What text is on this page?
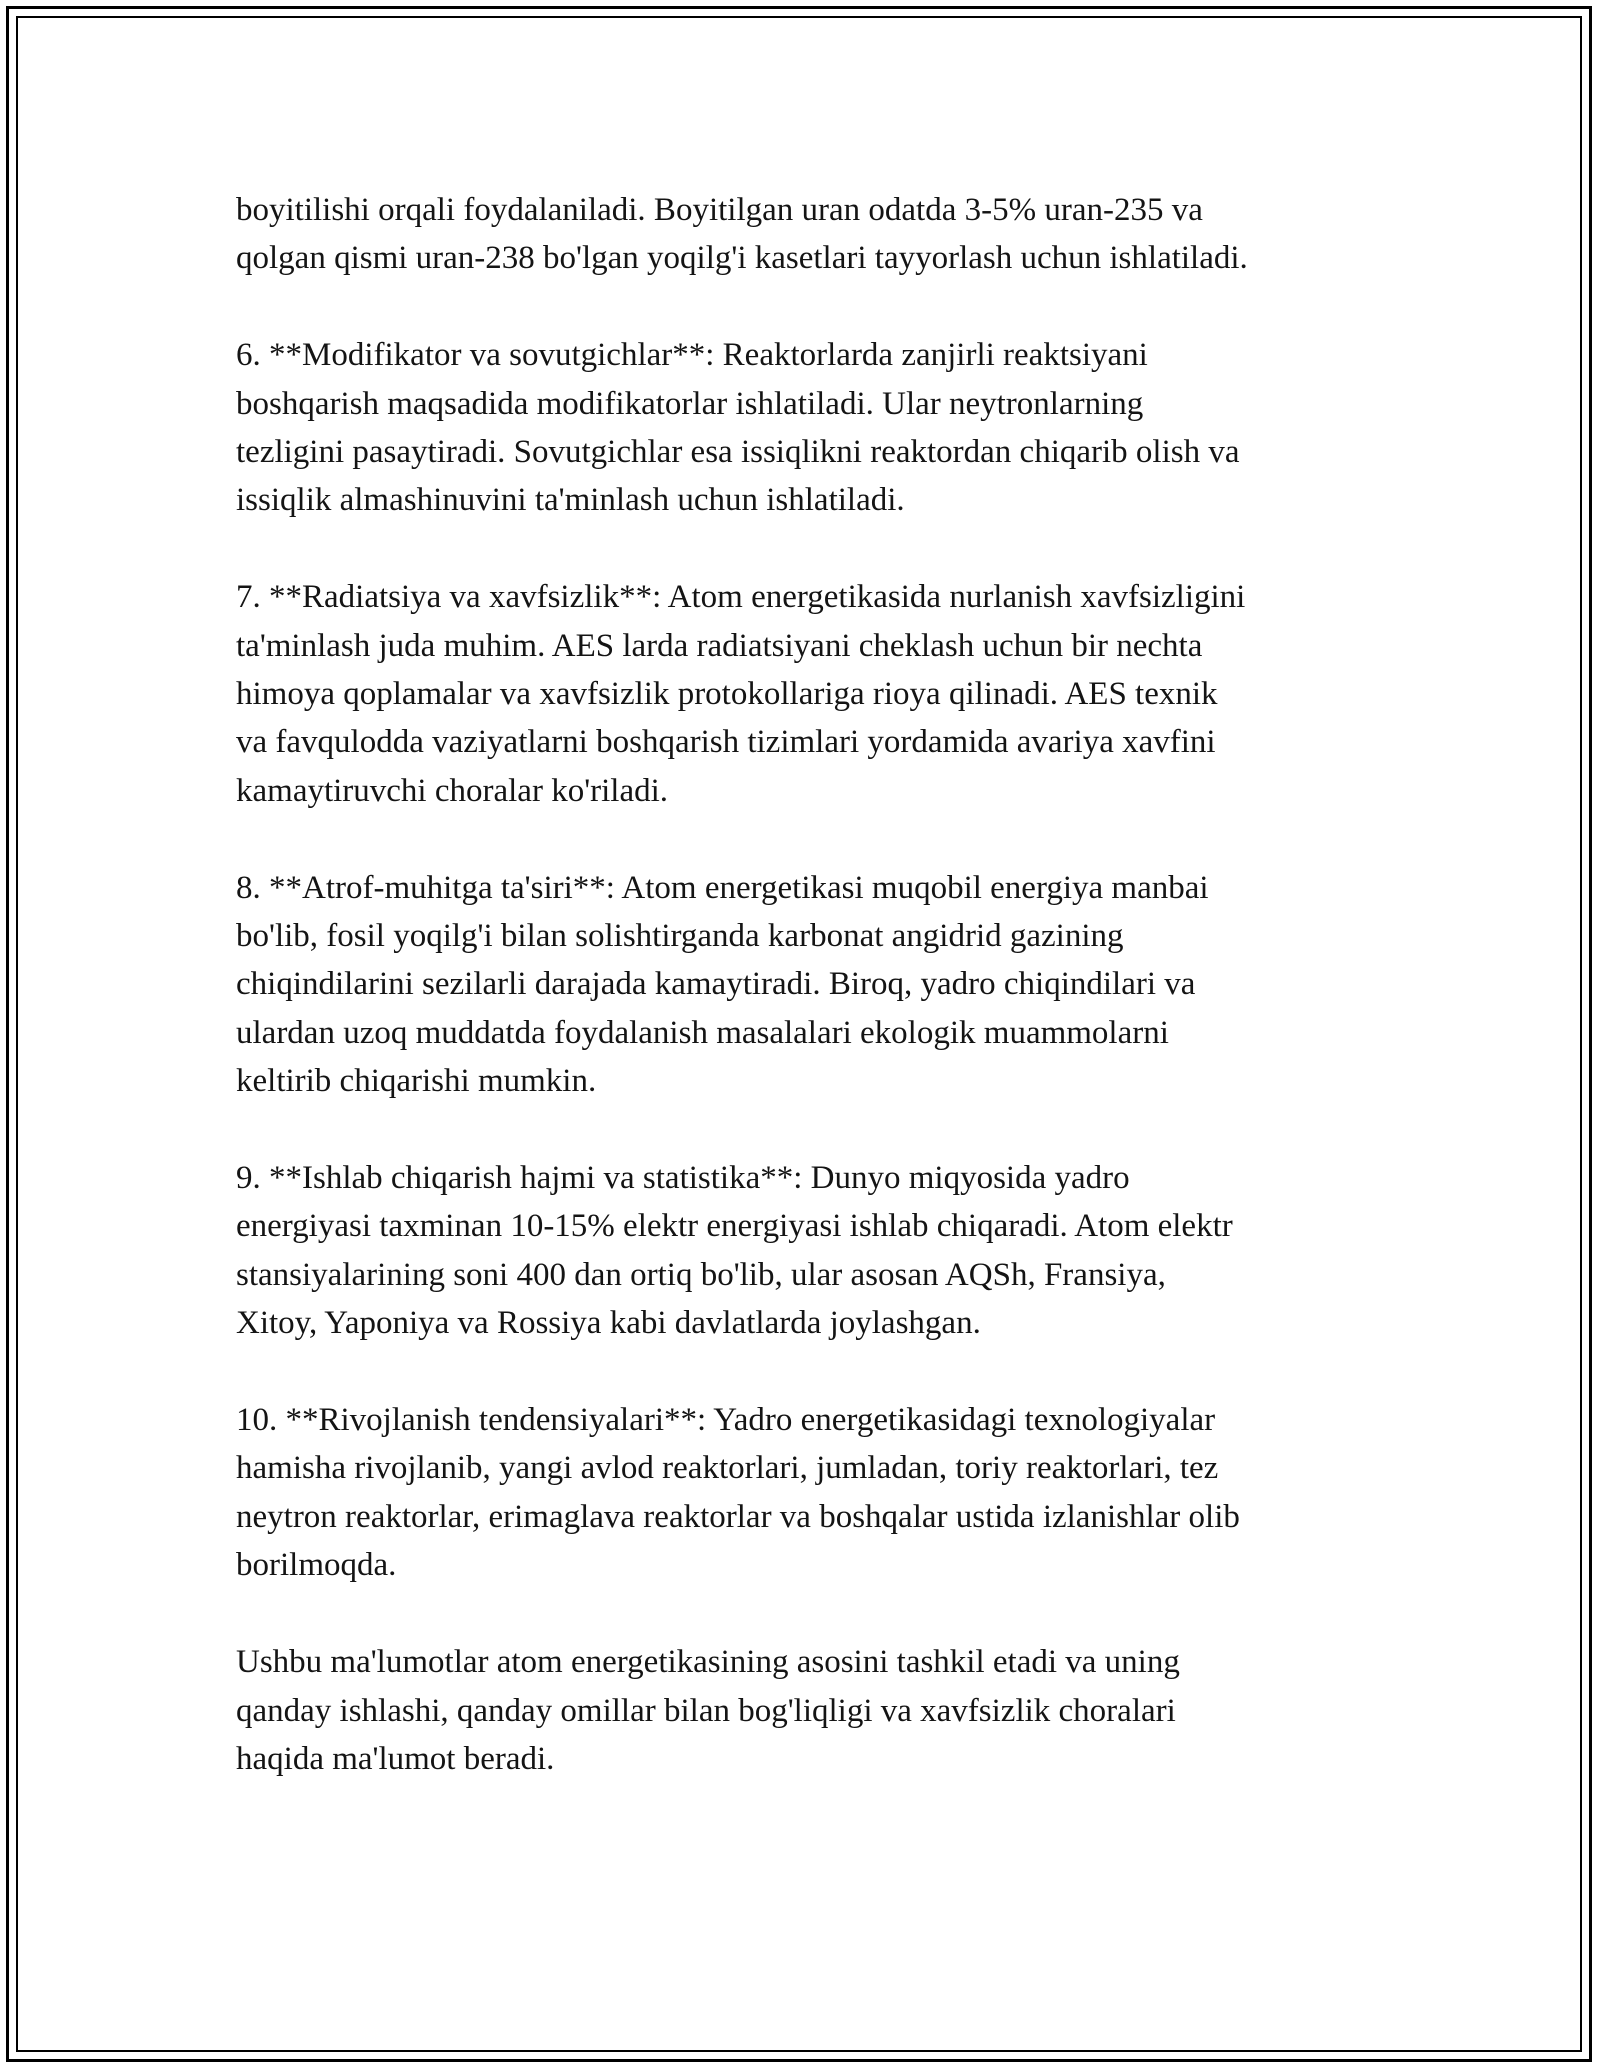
boyitilishi orqali foydalaniladi. Boyitilgan uran odatda 3-5% uran-235 va
qolgan qismi uran-238 bo'lgan yoqilg'i kasetlari tayyorlash uchun ishlatiladi.

6. **Modifikator va sovutgichlar**: Reaktorlarda zanjirli reaktsiyani
boshqarish maqsadida modifikatorlar ishlatiladi. Ular neytronlarning
tezligini pasaytiradi. Sovutgichlar esa issiqlikni reaktordan chiqarib olish va
issiqlik almashinuvini ta'minlash uchun ishlatiladi.

7. **Radiatsiya va xavfsizlik**: Atom energetikasida nurlanish xavfsizligini
ta'minlash juda muhim. AES larda radiatsiyani cheklash uchun bir nechta
himoya qoplamalar va xavfsizlik protokollariga rioya qilinadi. AES texnik
va favqulodda vaziyatlarni boshqarish tizimlari yordamida avariya xavfini
kamaytiruvchi choralar ko'riladi.

8. **Atrof-muhitga ta'siri**: Atom energetikasi muqobil energiya manbai
bo'lib, fosil yoqilg'i bilan solishtirganda karbonat angidrid gazining
chiqindilarini sezilarli darajada kamaytiradi. Biroq, yadro chiqindilari va
ulardan uzoq muddatda foydalanish masalalari ekologik muammolarni
keltirib chiqarishi mumkin.

9. **Ishlab chiqarish hajmi va statistika**: Dunyo miqyosida yadro
energiyasi taxminan 10-15% elektr energiyasi ishlab chiqaradi. Atom elektr
stansiyalarining soni 400 dan ortiq bo'lib, ular asosan AQSh, Fransiya,
Xitoy, Yaponiya va Rossiya kabi davlatlarda joylashgan.

10. **Rivojlanish tendensiyalari**: Yadro energetikasidagi texnologiyalar
hamisha rivojlanib, yangi avlod reaktorlari, jumladan, toriy reaktorlari, tez
neytron reaktorlar, erimaglava reaktorlar va boshqalar ustida izlanishlar olib
borilmoqda.

Ushbu ma'lumotlar atom energetikasining asosini tashkil etadi va uning
qanday ishlashi, qanday omillar bilan bog'liqligi va xavfsizlik choralari
haqida ma'lumot beradi.
